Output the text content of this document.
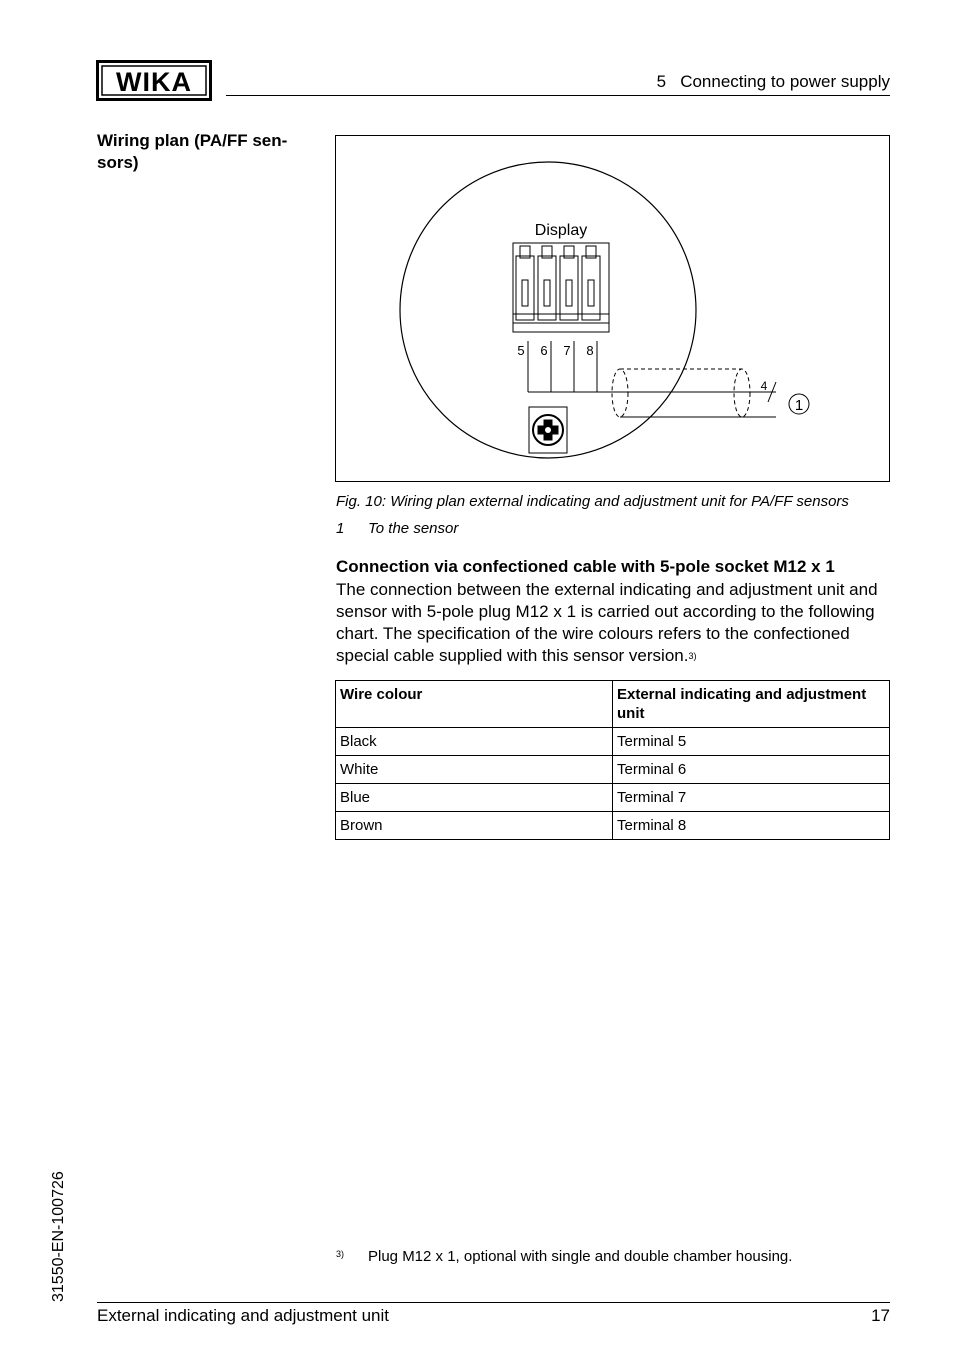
WIKA	5   Connecting to power supply
Wiring plan (PA/FF sen-
sors)
Display
5 6 7 8
4
1
Fig. 10: Wiring plan external indicating and adjustment unit for PA/FF sensors
1 To the sensor
Connection via confectioned cable with 5-pole socket M12 x 1
The connection between the external indicating and adjustment unit and sensor with 5-pole plug M12 x 1 is carried out according to the following chart. The specification of the wire colours refers to the confectioned special cable supplied with this sensor version.$^{3)}$
Wire colour	External indicating and adjustment unit
Black	Terminal 5
White	Terminal 6
Blue	Terminal 7
Brown	Terminal 8
3) Plug M12 x 1, optional with single and double chamber housing.
31550-EN-100726
External indicating and adjustment unit	17
